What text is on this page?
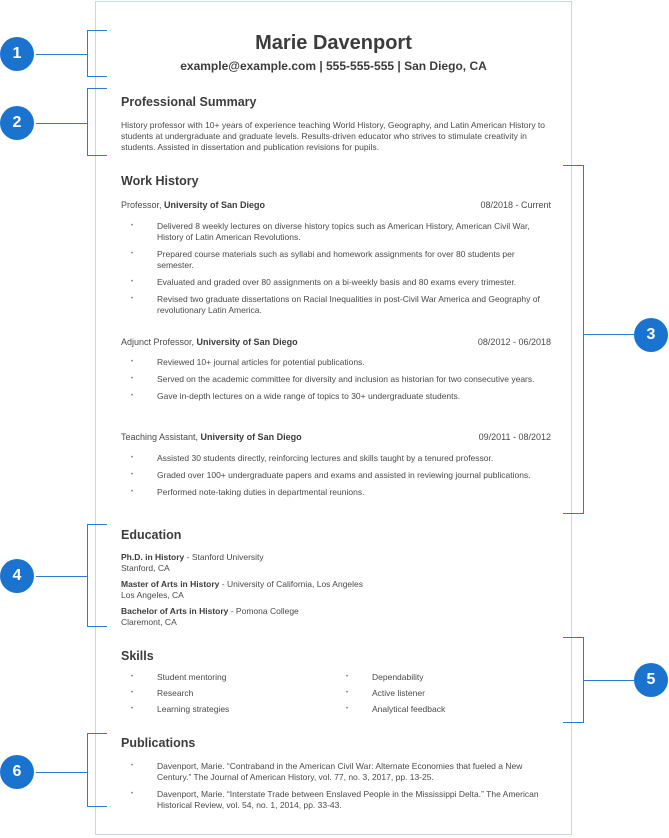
Marie Davenport
example@example.com | 555-555-555 | San Diego, CA
Professional Summary
History professor with 10+ years of experience teaching World History, Geography, and Latin American History to students at undergraduate and graduate levels. Results-driven educator who strives to stimulate creativity in students. Assisted in dissertation and publication revisions for pupils.
Work History
Professor, University of San Diego	08/2018 - Current
• Delivered 8 weekly lectures on diverse history topics such as American History, American Civil War, History of Latin American Revolutions.
• Prepared course materials such as syllabi and homework assignments for over 80 students per semester.
• Evaluated and graded over 80 assignments on a bi-weekly basis and 80 exams every trimester.
• Revised two graduate dissertations on Racial Inequalities in post-Civil War America and Geography of revolutionary Latin America.
Adjunct Professor, University of San Diego	08/2012 - 06/2018
• Reviewed 10+ journal articles for potential publications.
• Served on the academic committee for diversity and inclusion as historian for two consecutive years.
• Gave in-depth lectures on a wide range of topics to 30+ undergraduate students.
Teaching Assistant, University of San Diego	09/2011 - 08/2012
• Assisted 30 students directly, reinforcing lectures and skills taught by a tenured professor.
• Graded over 100+ undergraduate papers and exams and assisted in reviewing journal publications.
• Performed note-taking duties in departmental reunions.
Education
Ph.D. in History - Stanford University
Stanford, CA
Master of Arts in History - University of California, Los Angeles
Los Angeles, CA
Bachelor of Arts in History - Pomona College
Claremont, CA
Skills
• Student mentoring
• Research
• Learning strategies
• Dependability
• Active listener
• Analytical feedback
Publications
• Davenport, Marie. “Contraband in the American Civil War: Alternate Economies that fueled a New Century.” The Journal of American History, vol. 77, no. 3, 2017, pp. 13-25.
• Davenport, Marie. “Interstate Trade between Enslaved People in the Mississippi Delta.” The American Historical Review, vol. 54, no. 1, 2014, pp. 33-43.
1
2
3
4
5
6
